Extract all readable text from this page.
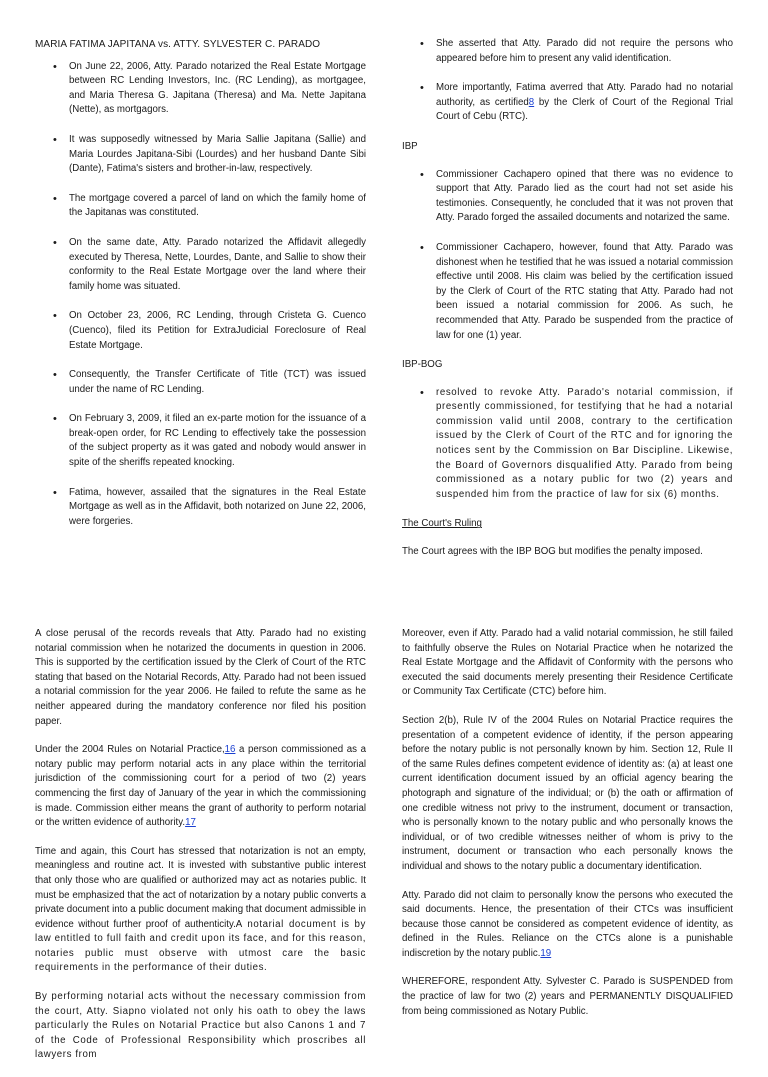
MARIA FATIMA JAPITANA vs. ATTY. SYLVESTER C. PARADO
• On June 22, 2006, Atty. Parado notarized the Real Estate Mortgage between RC Lending Investors, Inc. (RC Lending), as mortgagee, and Maria Theresa G. Japitana (Theresa) and Ma. Nette Japitana (Nette), as mortgagors.
• It was supposedly witnessed by Maria Sallie Japitana (Sallie) and Maria Lourdes Japitana-Sibi (Lourdes) and her husband Dante Sibi (Dante), Fatima's sisters and brother-in-law, respectively.
• The mortgage covered a parcel of land on which the family home of the Japitanas was constituted.
• On the same date, Atty. Parado notarized the Affidavit allegedly executed by Theresa, Nette, Lourdes, Dante, and Sallie to show their conformity to the Real Estate Mortgage over the land where their family home was situated.
• On October 23, 2006, RC Lending, through Cristeta G. Cuenco (Cuenco), filed its Petition for ExtraJudicial Foreclosure of Real Estate Mortgage.
• Consequently, the Transfer Certificate of Title (TCT) was issued under the name of RC Lending.
• On February 3, 2009, it filed an ex-parte motion for the issuance of a break-open order, for RC Lending to effectively take the possession of the subject property as it was gated and nobody would answer in spite of the sheriffs repeated knocking.
• Fatima, however, assailed that the signatures in the Real Estate Mortgage as well as in the Affidavit, both notarized on June 22, 2006, were forgeries.
• She asserted that Atty. Parado did not require the persons who appeared before him to present any valid identification.
• More importantly, Fatima averred that Atty. Parado had no notarial authority, as certified8 by the Clerk of Court of the Regional Trial Court of Cebu (RTC).
IBP
• Commissioner Cachapero opined that there was no evidence to support that Atty. Parado lied as the court had not set aside his testimonies. Consequently, he concluded that it was not proven that Atty. Parado forged the assailed documents and notarized the same.
• Commissioner Cachapero, however, found that Atty. Parado was dishonest when he testified that he was issued a notarial commission effective until 2008. His claim was belied by the certification issued by the Clerk of Court of the RTC stating that Atty. Parado had not been issued a notarial commission for 2006. As such, he recommended that Atty. Parado be suspended from the practice of law for one (1) year.
IBP-BOG
• resolved to revoke Atty. Parado's notarial commission, if presently commissioned, for testifying that he had a notarial commission valid until 2008, contrary to the certification issued by the Clerk of Court of the RTC and for ignoring the notices sent by the Commission on Bar Discipline. Likewise, the Board of Governors disqualified Atty. Parado from being commissioned as a notary public for two (2) years and suspended him from the practice of law for six (6) months.
The Court's Ruling

The Court agrees with the IBP BOG but modifies the penalty imposed.

A close perusal of the records reveals that Atty. Parado had no existing notarial commission when he notarized the documents in question in 2006. This is supported by the certification issued by the Clerk of Court of the RTC stating that based on the Notarial Records, Atty. Parado had not been issued a notarial commission for the year 2006. He failed to refute the same as he neither appeared during the mandatory conference nor filed his position paper.

Under the 2004 Rules on Notarial Practice,16 a person commissioned as a notary public may perform notarial acts in any place within the territorial jurisdiction of the commissioning court for a period of two (2) years commencing the first day of January of the year in which the commissioning is made. Commission either means the grant of authority to perform notarial or the written evidence of authority.17

Time and again, this Court has stressed that notarization is not an empty, meaningless and routine act. It is invested with substantive public interest that only those who are qualified or authorized may act as notaries public. It must be emphasized that the act of notarization by a notary public converts a private document into a public document making that document admissible in evidence without further proof of authenticity.A notarial document is by law entitled to full faith and credit upon its face, and for this reason, notaries public must observe with utmost care the basic requirements in the performance of their duties.

By performing notarial acts without the necessary commission from the court, Atty. Siapno violated not only his oath to obey the laws particularly the Rules on Notarial Practice but also Canons 1 and 7 of the Code of Professional Responsibility which proscribes all lawyers from

Moreover, even if Atty. Parado had a valid notarial commission, he still failed to faithfully observe the Rules on Notarial Practice when he notarized the Real Estate Mortgage and the Affidavit of Conformity with the persons who executed the said documents merely presenting their Residence Certificate or Community Tax Certificate (CTC) before him.

Section 2(b), Rule IV of the 2004 Rules on Notarial Practice requires the presentation of a competent evidence of identity, if the person appearing before the notary public is not personally known by him. Section 12, Rule II of the same Rules defines competent evidence of identity as: (a) at least one current identification document issued by an official agency bearing the photograph and signature of the individual; or (b) the oath or affirmation of one credible witness not privy to the instrument, document or transaction, who is personally known to the notary public and who personally knows the individual, or of two credible witnesses neither of whom is privy to the instrument, document or transaction who each personally knows the individual and shows to the notary public a documentary identification.

Atty. Parado did not claim to personally know the persons who executed the said documents. Hence, the presentation of their CTCs was insufficient because those cannot be considered as competent evidence of identity, as defined in the Rules. Reliance on the CTCs alone is a punishable indiscretion by the notary public.19

WHEREFORE, respondent Atty. Sylvester C. Parado is SUSPENDED from the practice of law for two (2) years and PERMANENTLY DISQUALIFIED from being commissioned as Notary Public.
